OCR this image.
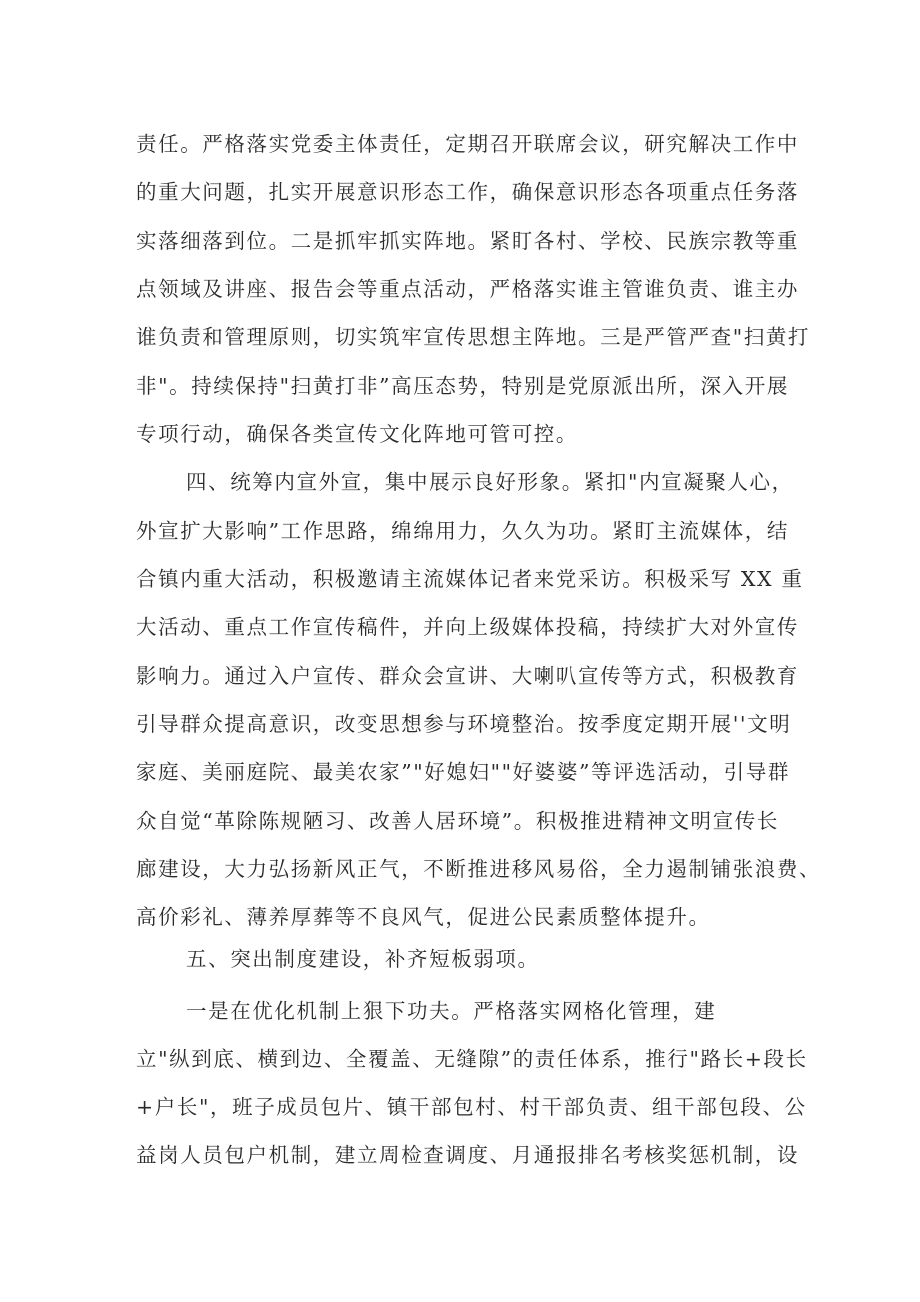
责任。严格落实党委主体责任，定期召开联席会议，研究解决工作中
的重大问题，扎实开展意识形态工作，确保意识形态各项重点任务落
实落细落到位。二是抓牢抓实阵地。紧盯各村、学校、民族宗教等重
点领域及讲座、报告会等重点活动，严格落实谁主管谁负责、谁主办
谁负责和管理原则，切实筑牢宣传思想主阵地。三是严管严查"扫黄打
非"。持续保持"扫黄打非”高压态势，特别是党原派出所，深入开展
专项行动，确保各类宣传文化阵地可管可控。
四、统筹内宣外宣，集中展示良好形象。紧扣"内宣凝聚人心，
外宣扩大影响”工作思路，绵绵用力，久久为功。紧盯主流媒体，结
合镇内重大活动，积极邀请主流媒体记者来党采访。积极采写 XX 重
大活动、重点工作宣传稿件，并向上级媒体投稿，持续扩大对外宣传
影响力。通过入户宣传、群众会宣讲、大喇叭宣传等方式，积极教育
引导群众提高意识，改变思想参与环境整治。按季度定期开展''文明
家庭、美丽庭院、最美农家”"好媳妇""好婆婆”等评选活动，引导群
众自觉“革除陈规陋习、改善人居环境”。积极推进精神文明宣传长
廊建设，大力弘扬新风正气，不断推进移风易俗，全力遏制铺张浪费、
高价彩礼、薄养厚葬等不良风气，促进公民素质整体提升。
五、突出制度建设，补齐短板弱项。
一是在优化机制上狠下功夫。严格落实网格化管理，建
立"纵到底、横到边、全覆盖、无缝隙”的责任体系，推行"路长+段长
+户长"，班子成员包片、镇干部包村、村干部负责、组干部包段、公
益岗人员包户机制，建立周检查调度、月通报排名考核奖惩机制，设
